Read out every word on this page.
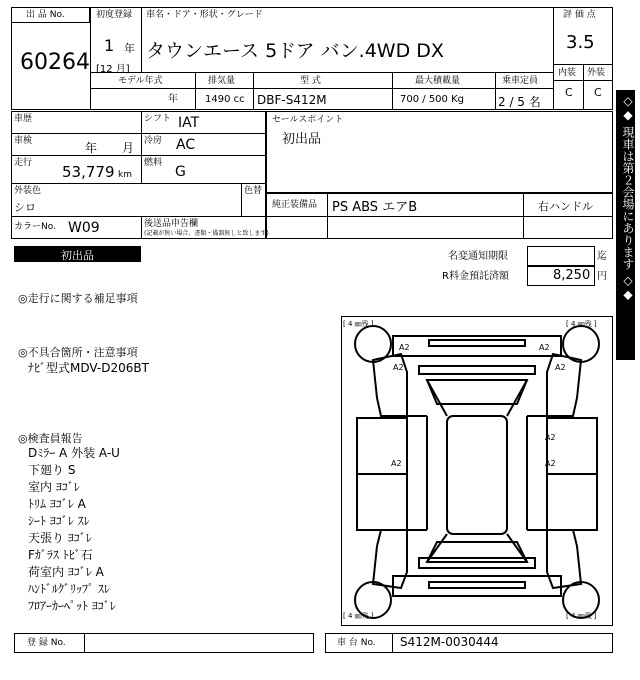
出 品 No.
60264
初度登録
1 年
[12 月]
車名・ドア・形状・グレード
タウンエース 5ドア バン.4WD DX
評 価 点
3.5
内装 外装
C C
モデル年式
年
排気量
1490 cc
型 式
DBF-S412M
最大積載量
700 / 500 Kg
乗車定員
2 / 5 名
車歴	シフト IAT
車検	年 月 冷房 AC
走行 53,779 km
燃料
G
外装色
シロ
色替
カラーNo. W09	後送品申告欄
(記載が無い場合、書類・備器無しと致します)
セールスポイント
初出品
純正装備品 PS ABS エアB	右ハンドル
初出品	名変通知期限	迄
R料金預託済額	8,250 円
◎走行に関する補足事項
◎不具合箇所・注意事項
ﾅﾋﾞ型式MDV-D206BT
◎検査員報告
Dﾐﾗｰ A 外装 A-U
下廻り S
室内 ﾖｺﾞﾚ
ﾄﾘﾑ ﾖｺﾞﾚ A
ｼｰﾄ ﾖｺﾞﾚ ｽﾚ
天張り ﾖｺﾞﾚ
Fｶﾞﾗｽ ﾄﾋﾞ石
荷室内 ﾖｺﾞﾚ A
ﾊﾝﾄﾞﾙｸﾞﾘｯﾌﾟ ｽﾚ
ﾌﾛｱｰｶｰﾍﾟｯﾄ ﾖｺﾞﾚ
[ 4 ㎜残 ]	[ 4 ㎜残 ]
[ 4 ㎜残 ]	[ 4 ㎜残 ]
A2	A2
A2	A2
A2
A2
A2
登 録 No.	車 台 No. S412M-0030444
◇◆ 現車は第２会場にあります ◇◆
